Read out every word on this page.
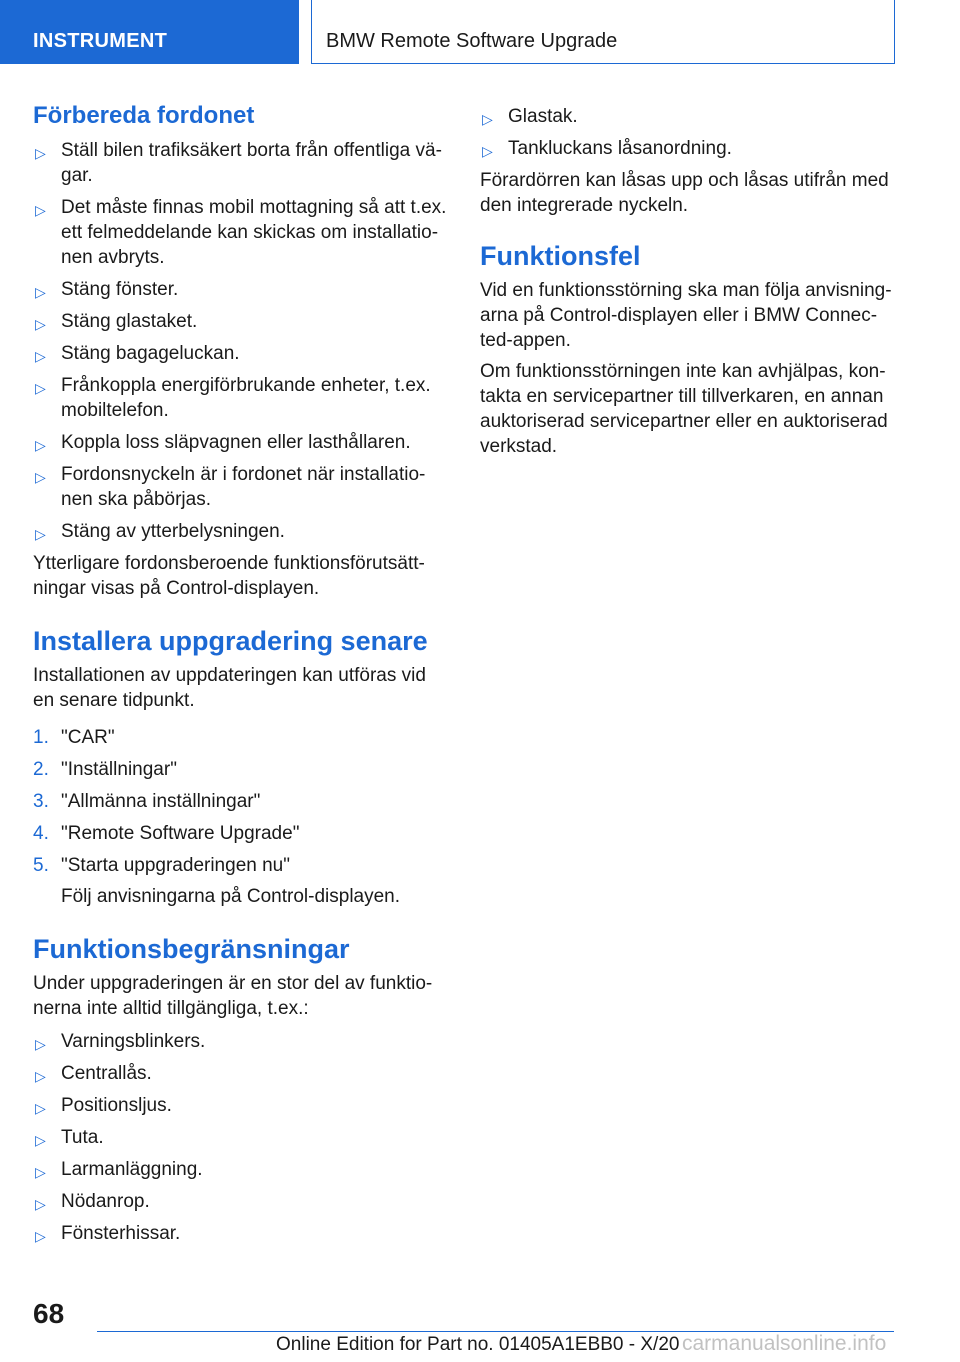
INSTRUMENT	BMW Remote Software Upgrade
Förbereda fordonet
▷ Ställ bilen trafiksäkert borta från offentliga vä-gar.
▷ Det måste finnas mobil mottagning så att t.ex. ett felmeddelande kan skickas om installatio-nen avbryts.
▷ Stäng fönster.
▷ Stäng glastaket.
▷ Stäng bagageluckan.
▷ Frånkoppla energiförbrukande enheter, t.ex. mobiltelefon.
▷ Koppla loss släpvagnen eller lasthållaren.
▷ Fordonsnyckeln är i fordonet när installatio-nen ska påbörjas.
▷ Stäng av ytterbelysningen.

Ytterligare fordonsberoende funktionsförutsätt-ningar visas på Control-displayen.

Installera uppgradering senare

Installationen av uppdateringen kan utföras vid en senare tidpunkt.

1. "CAR"
2. "Inställningar"
3. "Allmänna inställningar"
4. "Remote Software Upgrade"
5. "Starta uppgraderingen nu"
Följ anvisningarna på Control-displayen.
Funktionsbegränsningar

Under uppgraderingen är en stor del av funktio-nerna inte alltid tillgängliga, t.ex.:

▷ Varningsblinkers.
▷ Centrallås.
▷ Positionsljus.
▷ Tuta.
▷ Larmanläggning.
▷ Nödanrop.
▷ Fönsterhissar.
▷ Glastak.
▷ Tankluckans låsanordning.

Förardörren kan låsas upp och låsas utifrån med den integrerade nyckeln.

Funktionsfel

Vid en funktionsstörning ska man följa anvisning-arna på Control-displayen eller i BMW Connec-ted-appen.

Om funktionsstörningen inte kan avhjälpas, kon-takta en servicepartner till tillverkaren, en annan auktoriserad servicepartner eller en auktoriserad verkstad.

68
Online Edition for Part no. 01405A1EBB0 - X/20 carmanualsonline.info
